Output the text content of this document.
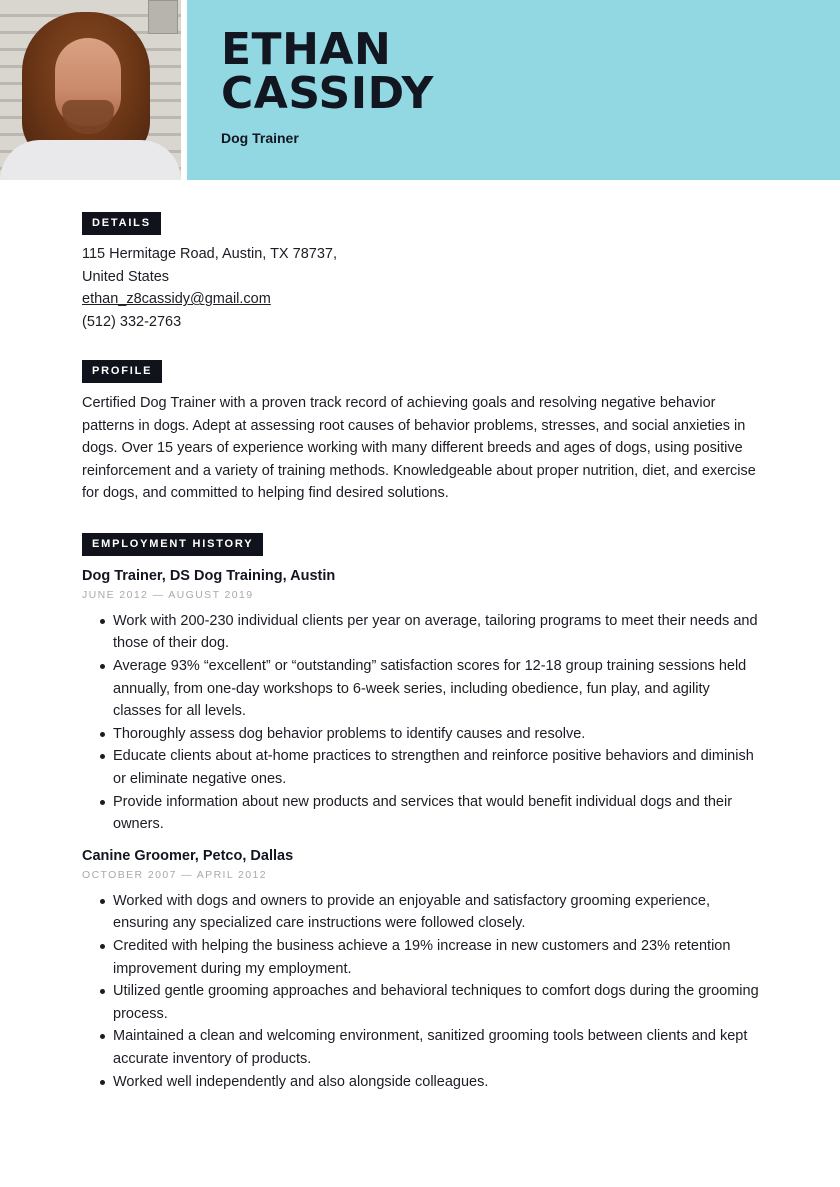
ETHAN
CASSIDY
Dog Trainer
DETAILS
115 Hermitage Road, Austin, TX 78737, United States
ethan_z8cassidy@gmail.com
(512) 332-2763
PROFILE

Certified Dog Trainer with a proven track record of achieving goals and resolving negative behavior patterns in dogs. Adept at assessing root causes of behavior problems, stresses, and social anxieties in dogs. Over 15 years of experience working with many different breeds and ages of dogs, using positive reinforcement and a variety of training methods. Knowledgeable about proper nutrition, diet, and exercise for dogs, and committed to helping find desired solutions.

EMPLOYMENT HISTORY
Dog Trainer, DS Dog Training, Austin
JUNE 2012 — AUGUST 2019
Work with 200-230 individual clients per year on average, tailoring programs to meet their needs and those of their dog.
Average 93% “excellent” or “outstanding” satisfaction scores for 12-18 group training sessions held annually, from one-day workshops to 6-week series, including obedience, fun play, and agility classes for all levels.
Thoroughly assess dog behavior problems to identify causes and resolve.
Educate clients about at-home practices to strengthen and reinforce positive behaviors and diminish or eliminate negative ones.
Provide information about new products and services that would benefit individual dogs and their owners.
Canine Groomer, Petco, Dallas
OCTOBER 2007 — APRIL 2012
Worked with dogs and owners to provide an enjoyable and satisfactory grooming experience, ensuring any specialized care instructions were followed closely.
Credited with helping the business achieve a 19% increase in new customers and 23% retention improvement during my employment.
Utilized gentle grooming approaches and behavioral techniques to comfort dogs during the grooming process.
Maintained a clean and welcoming environment, sanitized grooming tools between clients and kept accurate inventory of products.
Worked well independently and also alongside colleagues.
